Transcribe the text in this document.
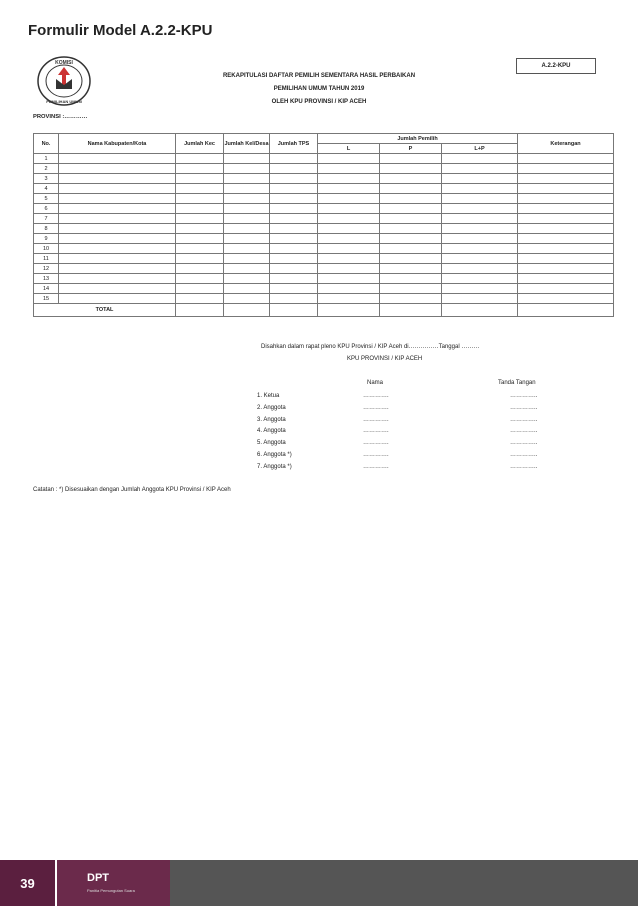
Formulir Model A.2.2-KPU
A.2.2-KPU
KOMISI
PEMILIHAN UMUM
REKAPITULASI DAFTAR PEMILIH SEMENTARA HASIL PERBAIKAN
PEMILIHAN UMUM TAHUN 2019
OLEH KPU PROVINSI / KIP ACEH
PROVINSI :…………
No.	Nama Kabupaten/Kota	Jumlah Kec	Jumlah Kel/Desa	Jumlah TPS	Jumlah Pemilih			Keterangan
					L	P	L+P	
1								
2								
3								
4								
5								
6								
7								
8								
9								
10								
11								
12								
13								
14								
15								
TOTAL								
Disahkan dalam rapat pleno KPU Provinsi / KIP Aceh di……………Tanggal ………
KPU PROVINSI / KIP ACEH
Nama	Tanda Tangan
1. Ketua	………….	…………..
2. Anggota	………….	…………..
3. Anggota	………….	…………..
4. Anggota	………….	…………..
5. Anggota	………….	…………..
6. Anggota *)	………….	…………..
7. Anggota *)	………….	…………..
Catatan : *) Disesuaikan dengan Jumlah Anggota KPU Provinsi / KIP Aceh
39	DPT
Panitia Pemungutan Suara
